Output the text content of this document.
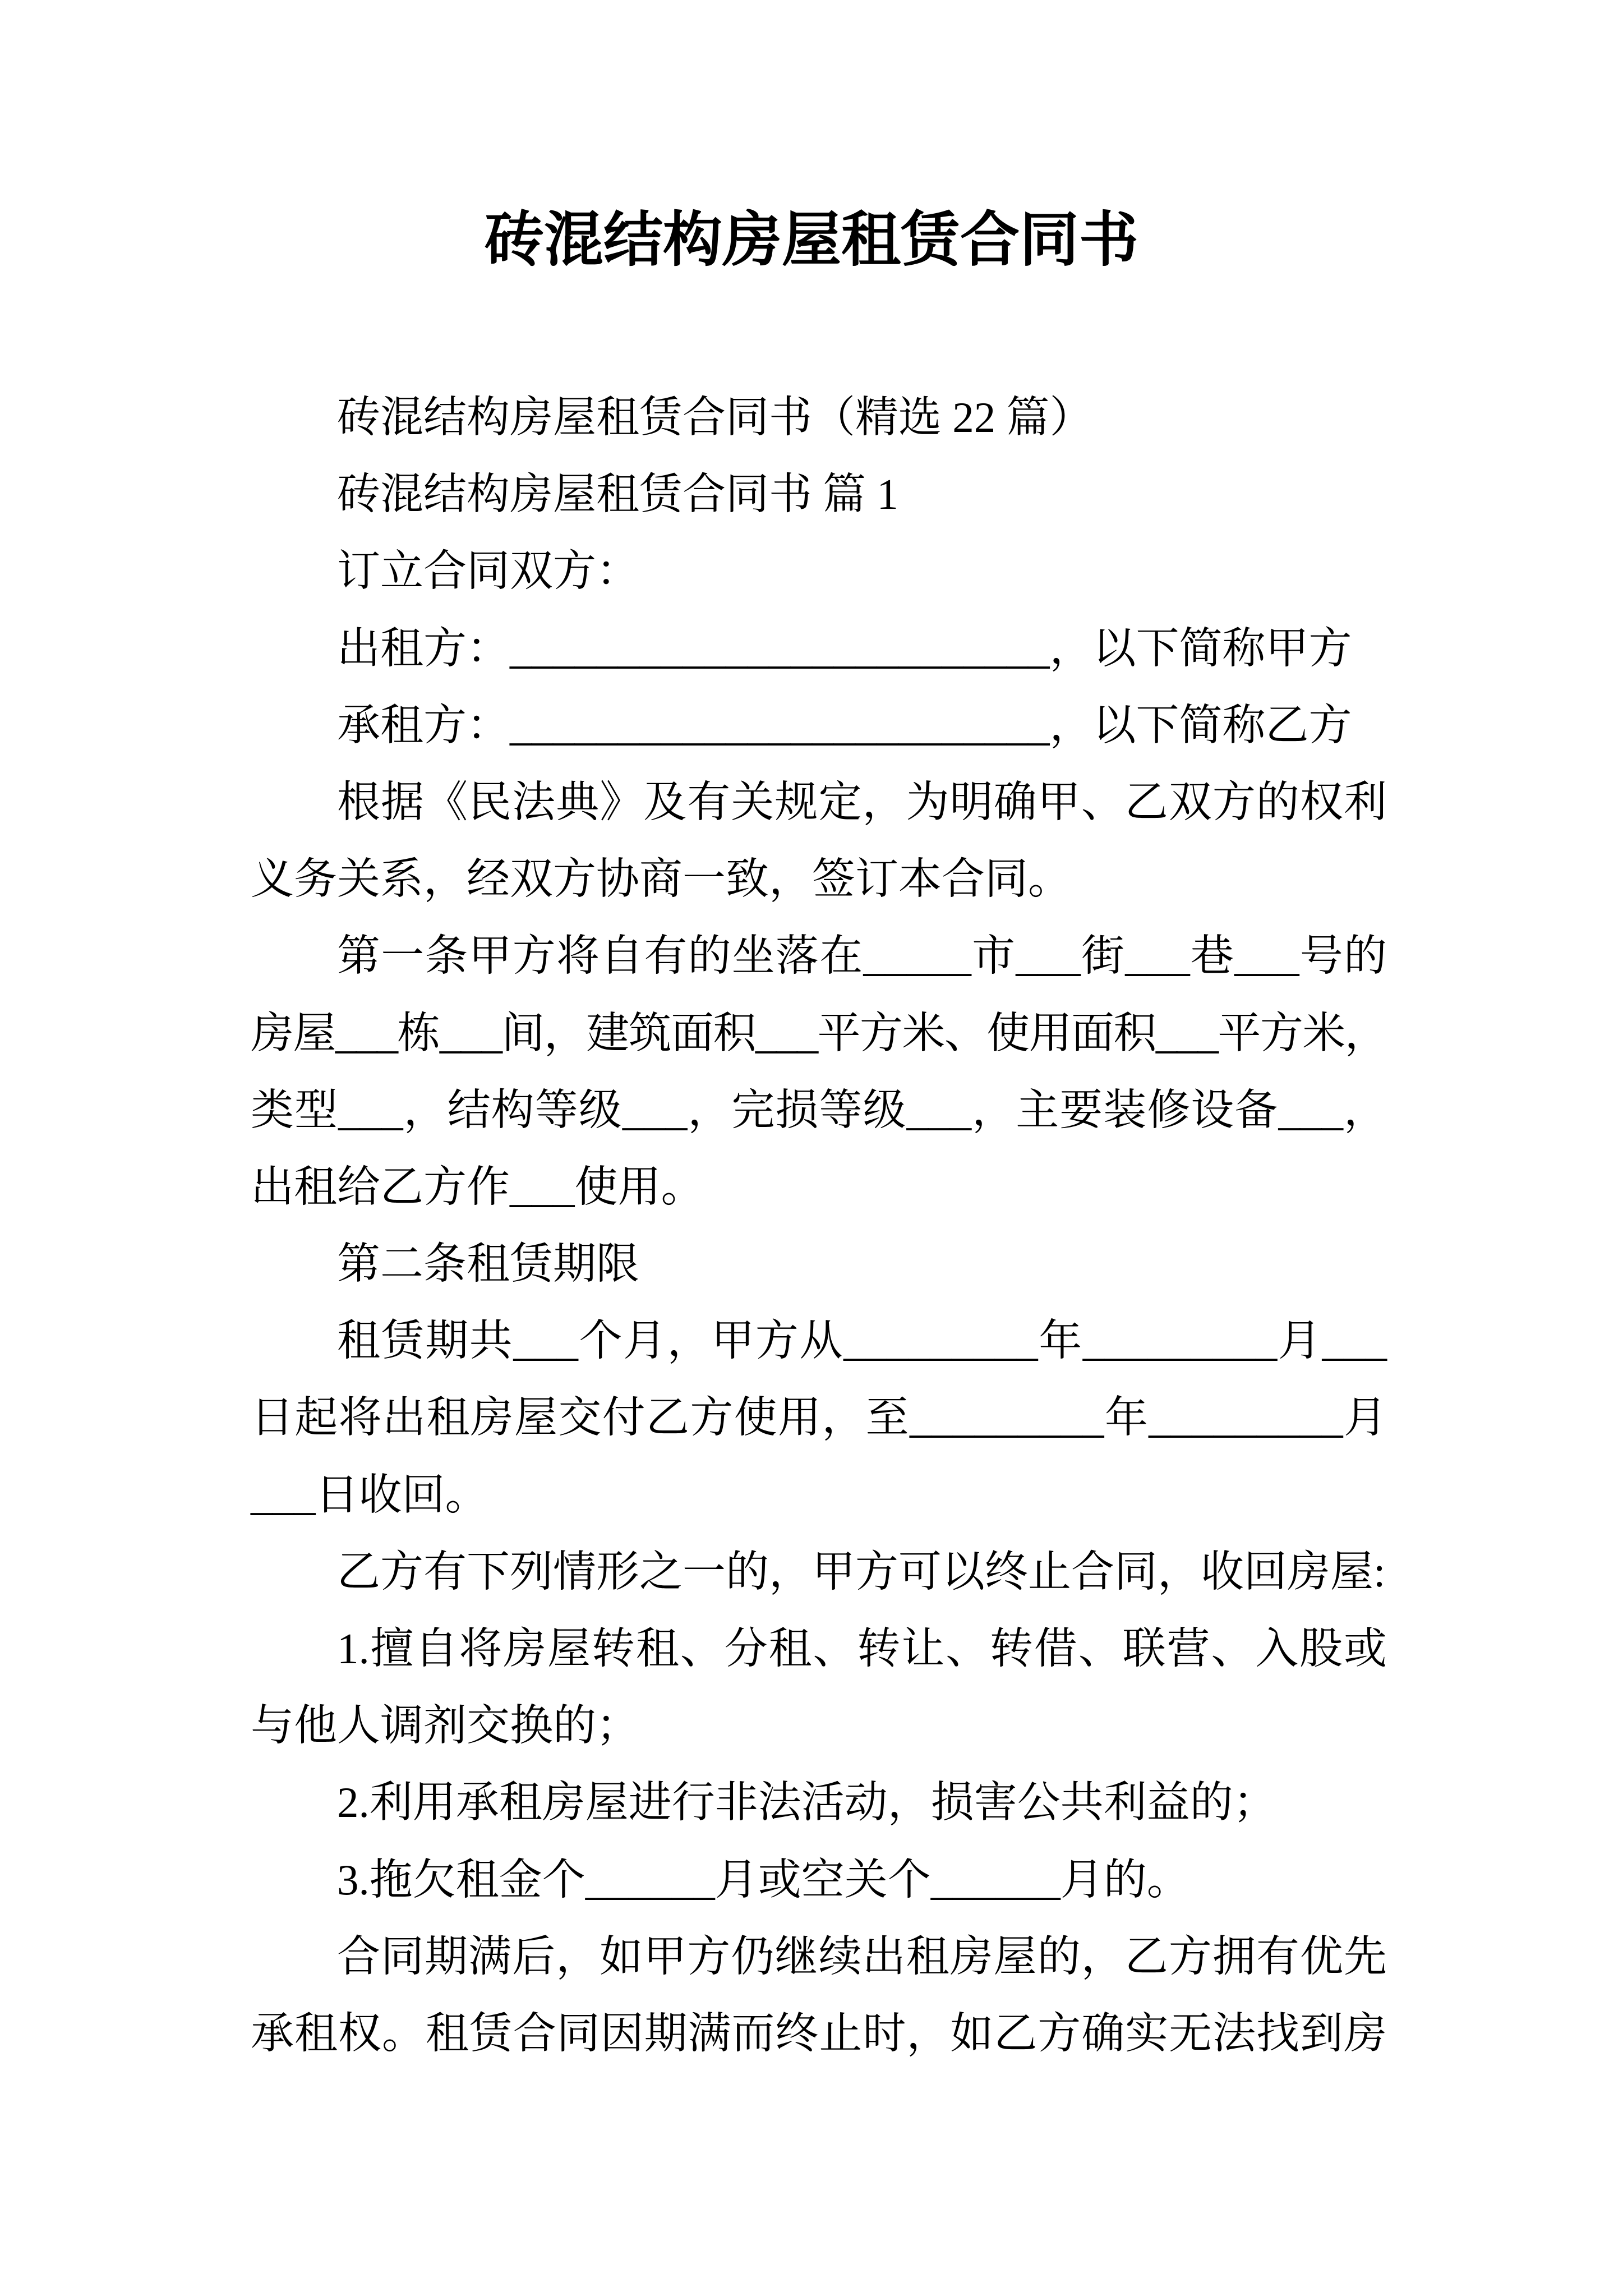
砖混结构房屋租赁合同书
砖混结构房屋租赁合同书（精选 22 篇）
砖混结构房屋租赁合同书 篇 1
订立合同双方：
出租方：_________________________，以下简称甲方
承租方：_________________________，以下简称乙方
根据《民法典》及有关规定，为明确甲、乙双方的权利
义务关系，经双方协商一致，签订本合同。
第一条甲方将自有的坐落在_____市___街___巷___号的
房屋___栋___间，建筑面积___平方米、使用面积___平方米，
类型___，结构等级___，完损等级___，主要装修设备___，
出租给乙方作___使用。
第二条租赁期限
租赁期共___个月，甲方从_________年_________月___
日起将出租房屋交付乙方使用，至_________年_________月
___日收回。
乙方有下列情形之一的，甲方可以终止合同，收回房屋:
1.擅自将房屋转租、分租、转让、转借、联营、入股或
与他人调剂交换的；
2.利用承租房屋进行非法活动，损害公共利益的；
3.拖欠租金个______月或空关个______月的。
合同期满后，如甲方仍继续出租房屋的，乙方拥有优先
承租权。租赁合同因期满而终止时，如乙方确实无法找到房
